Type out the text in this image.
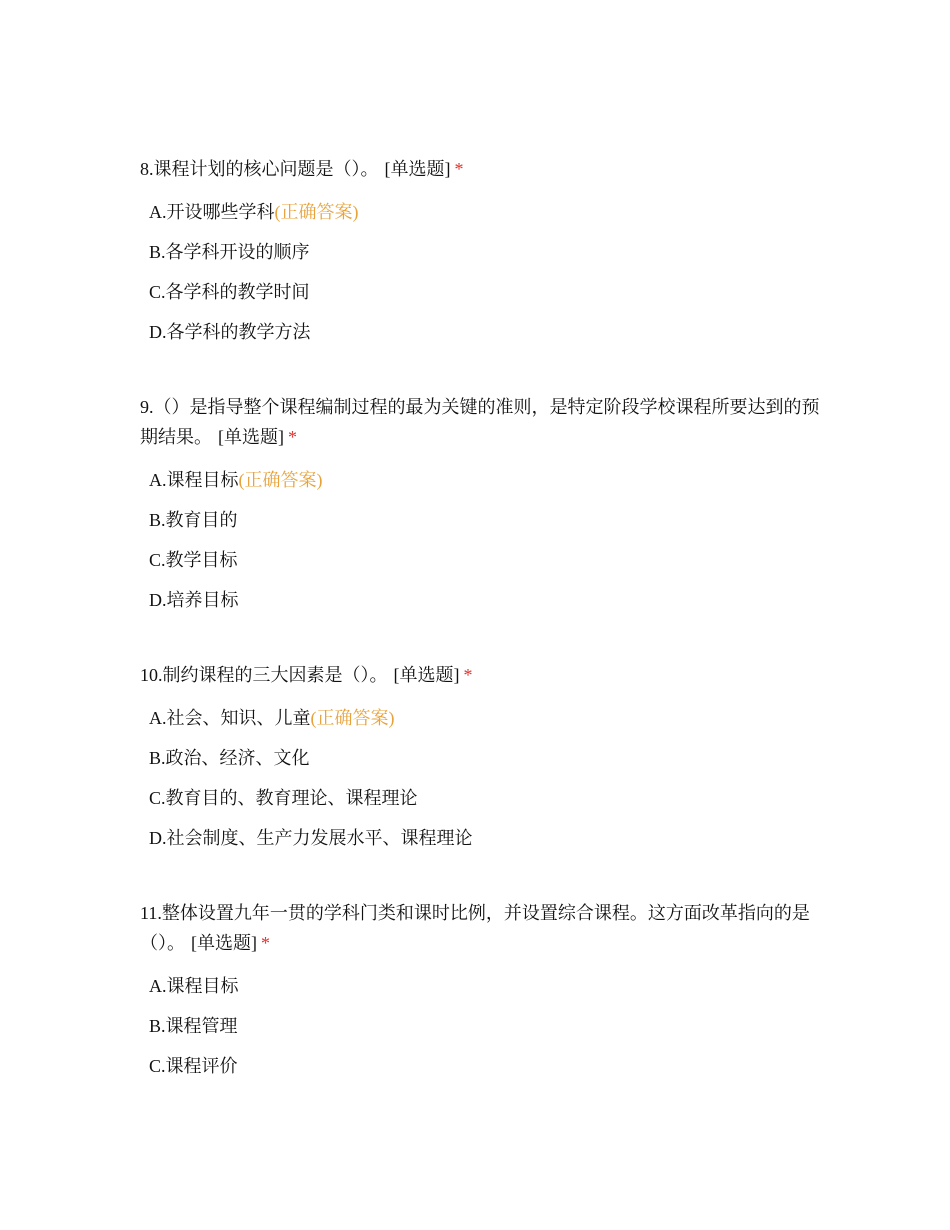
8.课程计划的核心问题是（）。 [单选题] *
A.开设哪些学科(正确答案)
B.各学科开设的顺序
C.各学科的教学时间
D.各学科的教学方法
9.（）是指导整个课程编制过程的最为关键的准则，是特定阶段学校课程所要达到的预期结果。 [单选题] *
A.课程目标(正确答案)
B.教育目的
C.教学目标
D.培养目标
10.制约课程的三大因素是（）。 [单选题] *
A.社会、知识、儿童(正确答案)
B.政治、经济、文化
C.教育目的、教育理论、课程理论
D.社会制度、生产力发展水平、课程理论
11.整体设置九年一贯的学科门类和课时比例，并设置综合课程。这方面改革指向的是（）。 [单选题] *
A.课程目标
B.课程管理
C.课程评价
